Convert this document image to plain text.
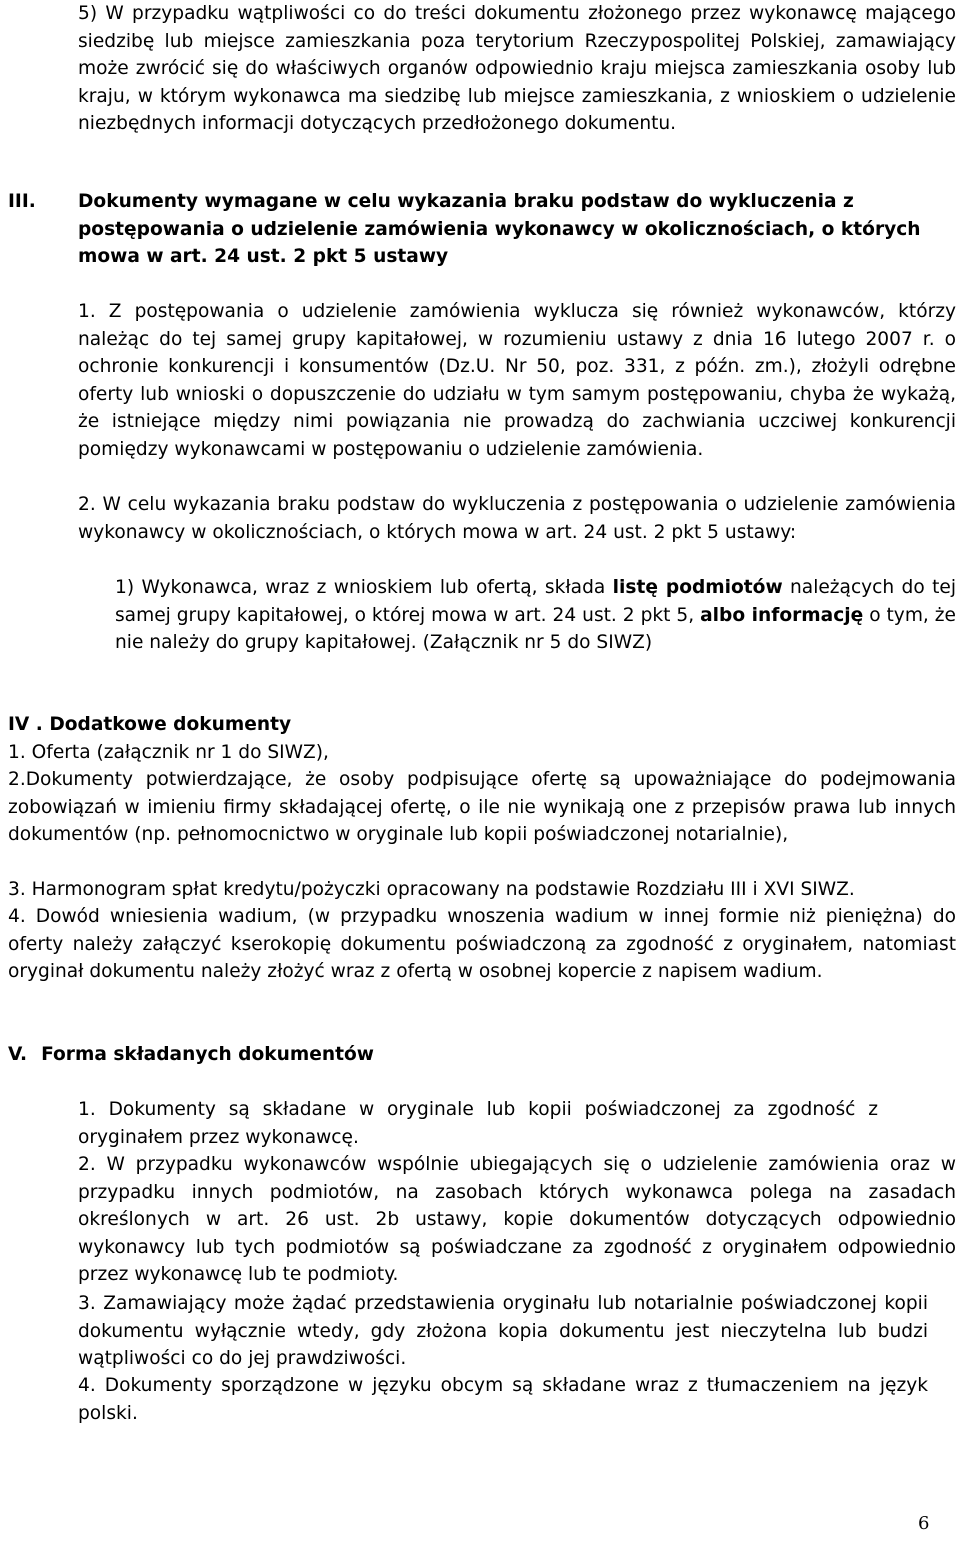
5) W przypadku wątpliwości co do treści dokumentu złożonego przez wykonawcę mającego siedzibę lub miejsce zamieszkania poza terytorium Rzeczypospolitej Polskiej, zamawiający może zwrócić się do właściwych organów odpowiednio kraju miejsca zamieszkania osoby lub kraju, w którym wykonawca ma siedzibę lub miejsce zamieszkania, z wnioskiem o udzielenie niezbędnych informacji dotyczących przedłożonego dokumentu.
III. Dokumenty wymagane w celu wykazania braku podstaw do wykluczenia z postępowania o udzielenie zamówienia wykonawcy w okolicznościach, o których mowa w art. 24 ust. 2 pkt 5 ustawy
1. Z postępowania o udzielenie zamówienia wyklucza się również wykonawców, którzy należąc do tej samej grupy kapitałowej, w rozumieniu ustawy z dnia 16 lutego 2007 r. o ochronie konkurencji i konsumentów (Dz.U. Nr 50, poz. 331, z późn. zm.), złożyli odrębne oferty lub wnioski o dopuszczenie do udziału w tym samym postępowaniu, chyba że wykażą, że istniejące między nimi powiązania nie prowadzą do zachwiania uczciwej konkurencji pomiędzy wykonawcami w postępowaniu o udzielenie zamówienia.
2. W celu wykazania braku podstaw do wykluczenia z postępowania o udzielenie zamówienia wykonawcy w okolicznościach, o których mowa w art. 24 ust. 2 pkt 5 ustawy:
1) Wykonawca, wraz z wnioskiem lub ofertą, składa listę podmiotów należących do tej samej grupy kapitałowej, o której mowa w art. 24 ust. 2 pkt 5, albo informację o tym, że nie należy do grupy kapitałowej. (Załącznik nr 5 do SIWZ)
IV . Dodatkowe dokumenty
1. Oferta (załącznik nr 1 do SIWZ),
2.Dokumenty potwierdzające, że osoby podpisujące ofertę są upoważniające do podejmowania zobowiązań w imieniu firmy składającej ofertę, o ile nie wynikają one z przepisów prawa lub innych dokumentów (np. pełnomocnictwo w oryginale lub kopii poświadczonej notarialnie),
3. Harmonogram spłat kredytu/pożyczki opracowany na podstawie Rozdziału III i XVI SIWZ.
4. Dowód wniesienia wadium, (w przypadku wnoszenia wadium w innej formie niż pieniężna) do oferty należy załączyć kserokopię dokumentu poświadczoną za zgodność z oryginałem, natomiast oryginał dokumentu należy złożyć wraz z ofertą w osobnej kopercie z napisem wadium.
V. Forma składanych dokumentów
1. Dokumenty są składane w oryginale lub kopii poświadczonej za zgodność z oryginałem przez wykonawcę.
2. W przypadku wykonawców wspólnie ubiegających się o udzielenie zamówienia oraz w przypadku innych podmiotów, na zasobach których wykonawca polega na zasadach określonych w art. 26 ust. 2b ustawy, kopie dokumentów dotyczących odpowiednio wykonawcy lub tych podmiotów są poświadczane za zgodność z oryginałem odpowiednio przez wykonawcę lub te podmioty.
3. Zamawiający może żądać przedstawienia oryginału lub notarialnie poświadczonej kopii dokumentu wyłącznie wtedy, gdy złożona kopia dokumentu jest nieczytelna lub budzi wątpliwości co do jej prawdziwości.
4. Dokumenty sporządzone w języku obcym są składane wraz z tłumaczeniem na język polski.
6
